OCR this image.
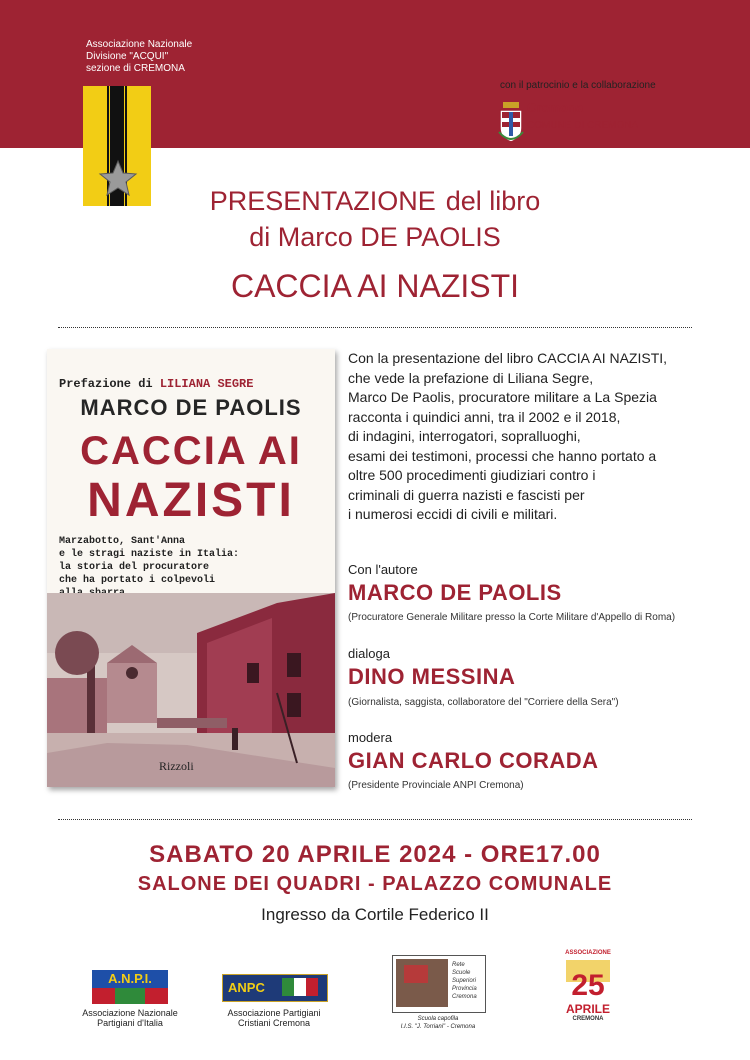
Associazione Nazionale
Divisione "ACQUI"
sezione di CREMONA
con il patrocinio e la collaborazione
Cremona
COMUNE DI CREMONA
PRESENTAZIONE del libro
di Marco DE PAOLIS
CACCIA AI NAZISTI
Prefazione di LILIANA SEGRE
MARCO DE PAOLIS
CACCIA AI
NAZISTI
Marzabotto, Sant'Anna
e le stragi naziste in Italia:
la storia del procuratore
che ha portato i colpevoli

Rizzoli
Con la presentazione del libro CACCIA AI NAZISTI,
che vede la prefazione di Liliana Segre,
Marco De Paolis, procuratore militare a La Spezia
racconta i quindici anni, tra il 2002 e il 2018,
di indagini, interrogatori, sopralluoghi,
esami dei testimoni, processi che hanno portato a
oltre 500 procedimenti giudiziari contro i
criminali di guerra nazisti e fascisti per
i numerosi eccidi di civili e militari.
Con l'autore
MARCO DE PAOLIS
(Procuratore Generale Militare presso la Corte Militare d'Appello di Roma)
dialoga
DINO MESSINA
(Giornalista, saggista, collaboratore del "Corriere della Sera")
modera
GIAN CARLO CORADA
(Presidente Provinciale ANPI Cremona)
SABATO 20 APRILE 2024 - ORE17.00
SALONE DEI QUADRI - PALAZZO COMUNALE
Ingresso da Cortile Federico II
A.N.P.I.
Associazione Nazionale
Partigiani d'Italia
ANPC
Associazione Partigiani
Cristiani Cremona
Rete
Scuole
Superiori
Provincia
Cremona
Scuola capofila
I.I.S. "J. Torriani" - Cremona
ASSOCIAZIONE
25
APRILE
CREMONA
